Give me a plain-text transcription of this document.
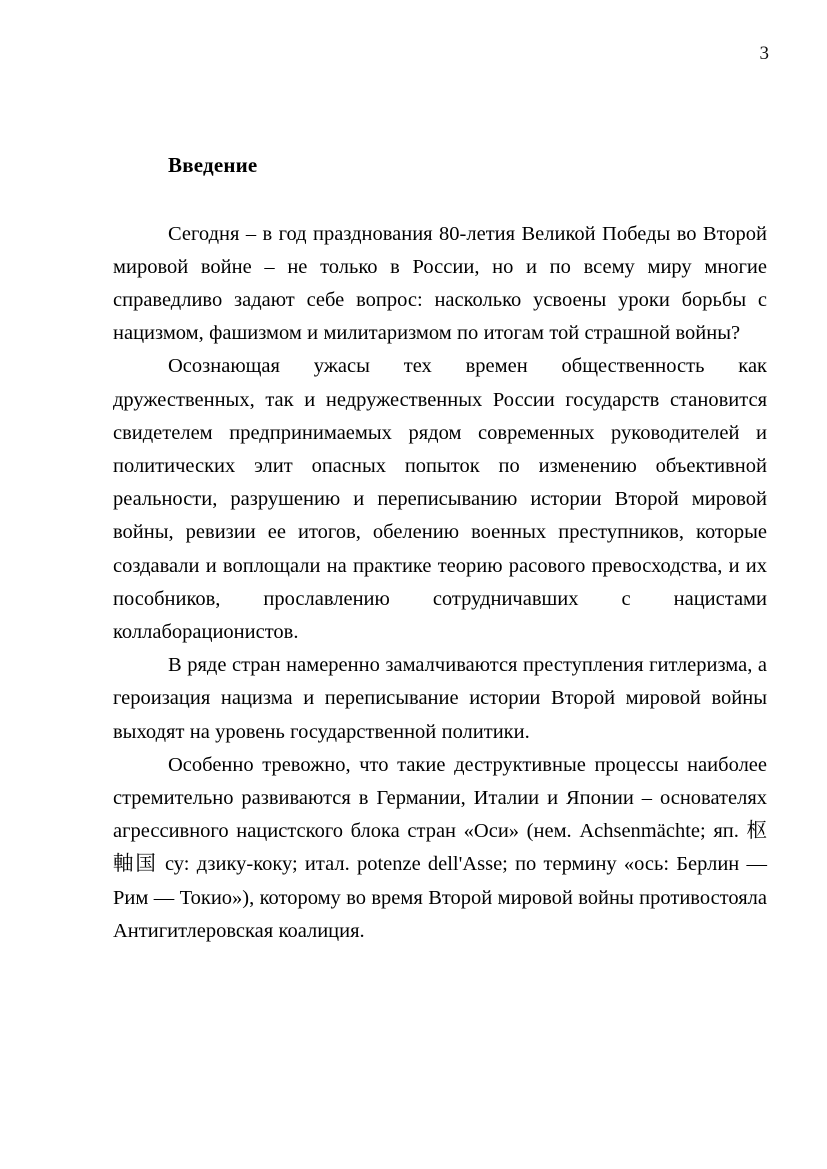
3
Введение

Сегодня – в год празднования 80-летия Великой Победы во Второй мировой войне – не только в России, но и по всему миру многие справедливо задают себе вопрос: насколько усвоены уроки борьбы с нацизмом, фашизмом и милитаризмом по итогам той страшной войны?

Осознающая ужасы тех времен общественность как дружественных, так и недружественных России государств становится свидетелем предпринимаемых рядом современных руководителей и политических элит опасных попыток по изменению объективной реальности, разрушению и переписыванию истории Второй мировой войны, ревизии ее итогов, обелению военных преступников, которые создавали и воплощали на практике теорию расового превосходства, и их пособников, прославлению сотрудничавших с нацистами коллаборационистов.

В ряде стран намеренно замалчиваются преступления гитлеризма, а героизация нацизма и переписывание истории Второй мировой войны выходят на уровень государственной политики.

Особенно тревожно, что такие деструктивные процессы наиболее стремительно развиваются в Германии, Италии и Японии – основателях агрессивного нацистского блока стран «Оси» (нем. Achsenmächte; яп. 枢軸国 су: дзику-коку; итал. potenze dell'Asse; по термину «ось: Берлин — Рим — Токио»), которому во время Второй мировой войны противостояла Антигитлеровская коалиция.
